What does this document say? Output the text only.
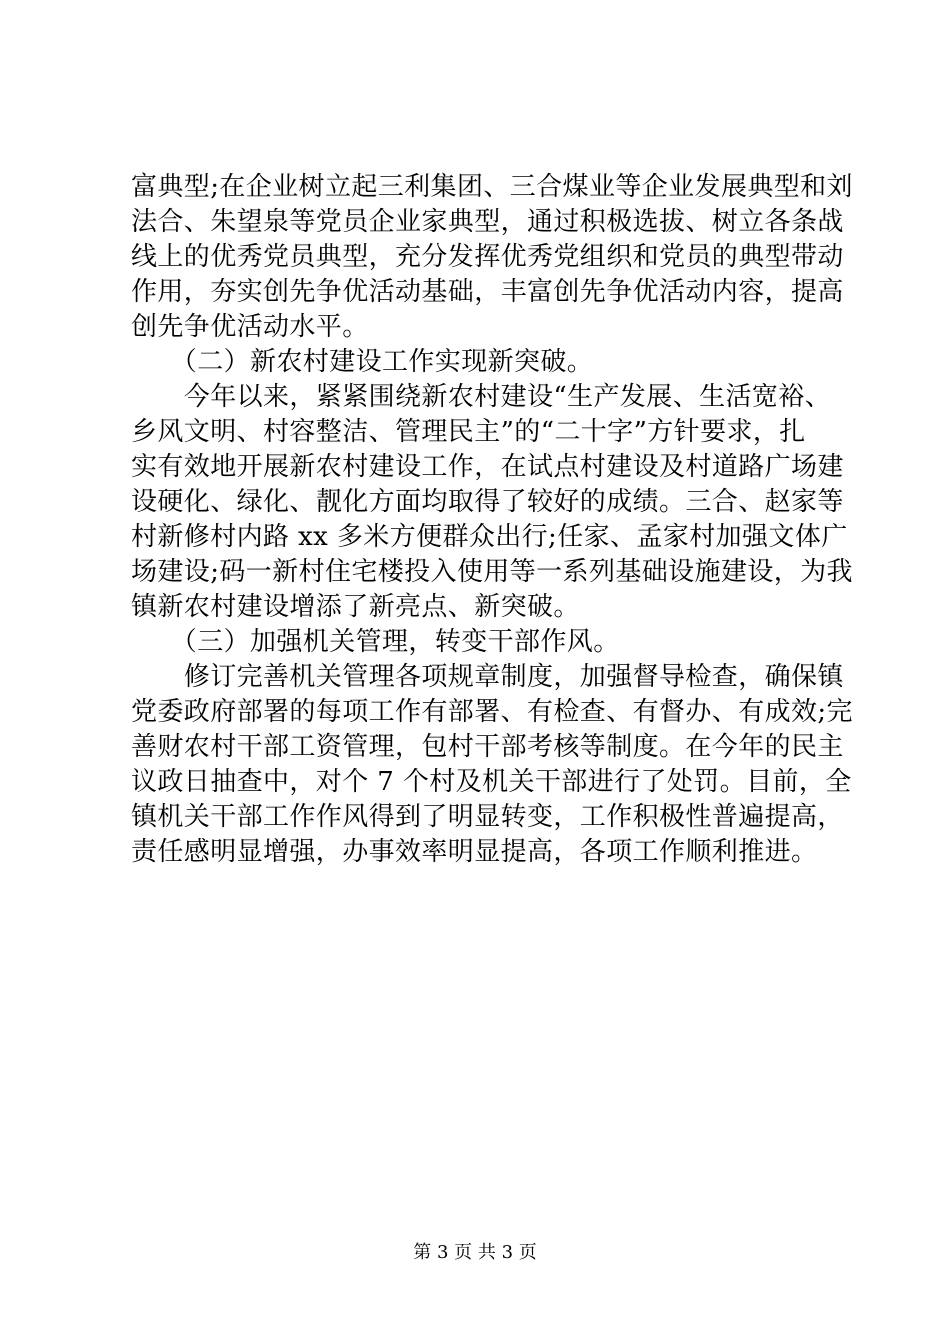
富典型;在企业树立起三利集团、三合煤业等企业发展典型和刘
法合、朱望泉等党员企业家典型，通过积极选拔、树立各条战
线上的优秀党员典型，充分发挥优秀党组织和党员的典型带动
作用，夯实创先争优活动基础，丰富创先争优活动内容，提高
创先争优活动水平。
　　（二）新农村建设工作实现新突破。
　　今年以来，紧紧围绕新农村建设“生产发展、生活宽裕、
乡风文明、村容整洁、管理民主”的“二十字”方针要求，扎
实有效地开展新农村建设工作，在试点村建设及村道路广场建
设硬化、绿化、靓化方面均取得了较好的成绩。三合、赵家等
村新修村内路 xx 多米方便群众出行;任家、孟家村加强文体广
场建设;码一新村住宅楼投入使用等一系列基础设施建设，为我
镇新农村建设增添了新亮点、新突破。
　　（三）加强机关管理，转变干部作风。
　　修订完善机关管理各项规章制度，加强督导检查，确保镇
党委政府部署的每项工作有部署、有检查、有督办、有成效;完
善财农村干部工资管理，包村干部考核等制度。在今年的民主
议政日抽查中，对个 7 个村及机关干部进行了处罚。目前，全
镇机关干部工作作风得到了明显转变，工作积极性普遍提高，
责任感明显增强，办事效率明显提高，各项工作顺利推进。
第 3 页 共 3 页
